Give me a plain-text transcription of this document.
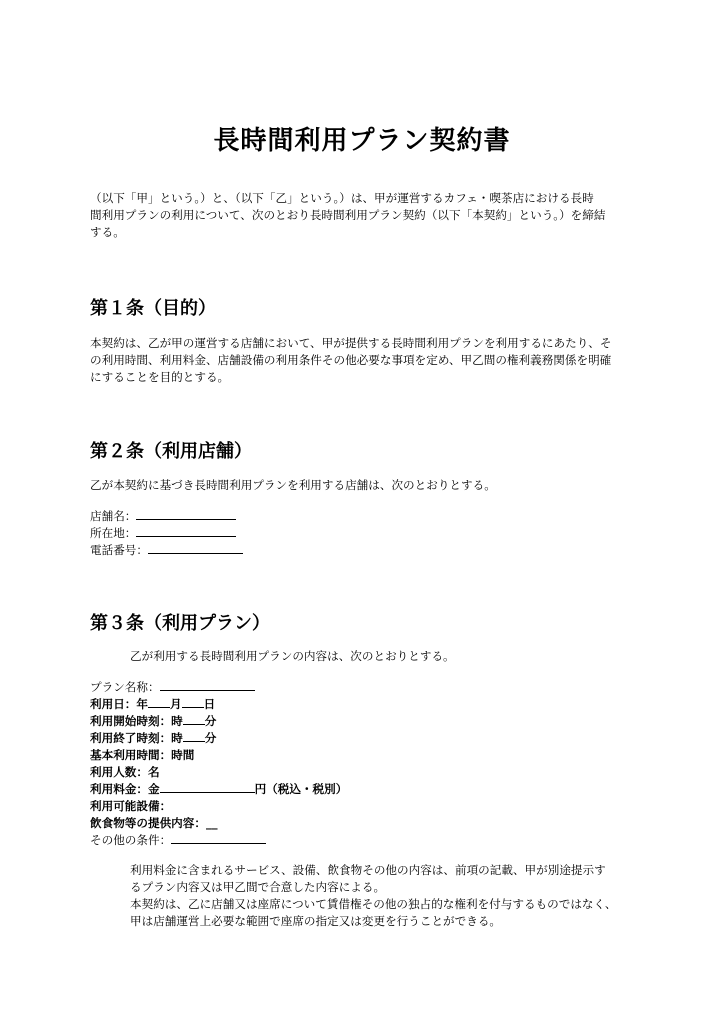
長時間利用プラン契約書

（以下「甲」という。）と、（以下「乙」という。）は、甲が運営するカフェ・喫茶店における長時
間利用プランの利用について、次のとおり長時間利用プラン契約（以下「本契約」という。）を締結
する。

第１条（目的）

本契約は、乙が甲の運営する店舗において、甲が提供する長時間利用プランを利用するにあたり、そ
の利用時間、利用料金、店舗設備の利用条件その他必要な事項を定め、甲乙間の権利義務関係を明確
にすることを目的とする。

第２条（利用店舗）

乙が本契約に基づき長時間利用プランを利用する店舗は、次のとおりとする。

店舗名：
所在地：
電話番号：
第３条（利用プラン）

乙が利用する長時間利用プランの内容は、次のとおりとする。

プラン名称：
利用日：年 月 日
利用開始時刻：時 分
利用終了時刻：時 分
基本利用時間：時間
利用人数：名
利用料金：金	円（税込・税別）
利用可能設備：
飲食物等の提供内容：__
その他の条件：

利用料金に含まれるサービス、設備、飲食物その他の内容は、前項の記載、甲が別途提示す
るプラン内容又は甲乙間で合意した内容による。
本契約は、乙に店舗又は座席について賃借権その他の独占的な権利を付与するものではなく、
甲は店舗運営上必要な範囲で座席の指定又は変更を行うことができる。
